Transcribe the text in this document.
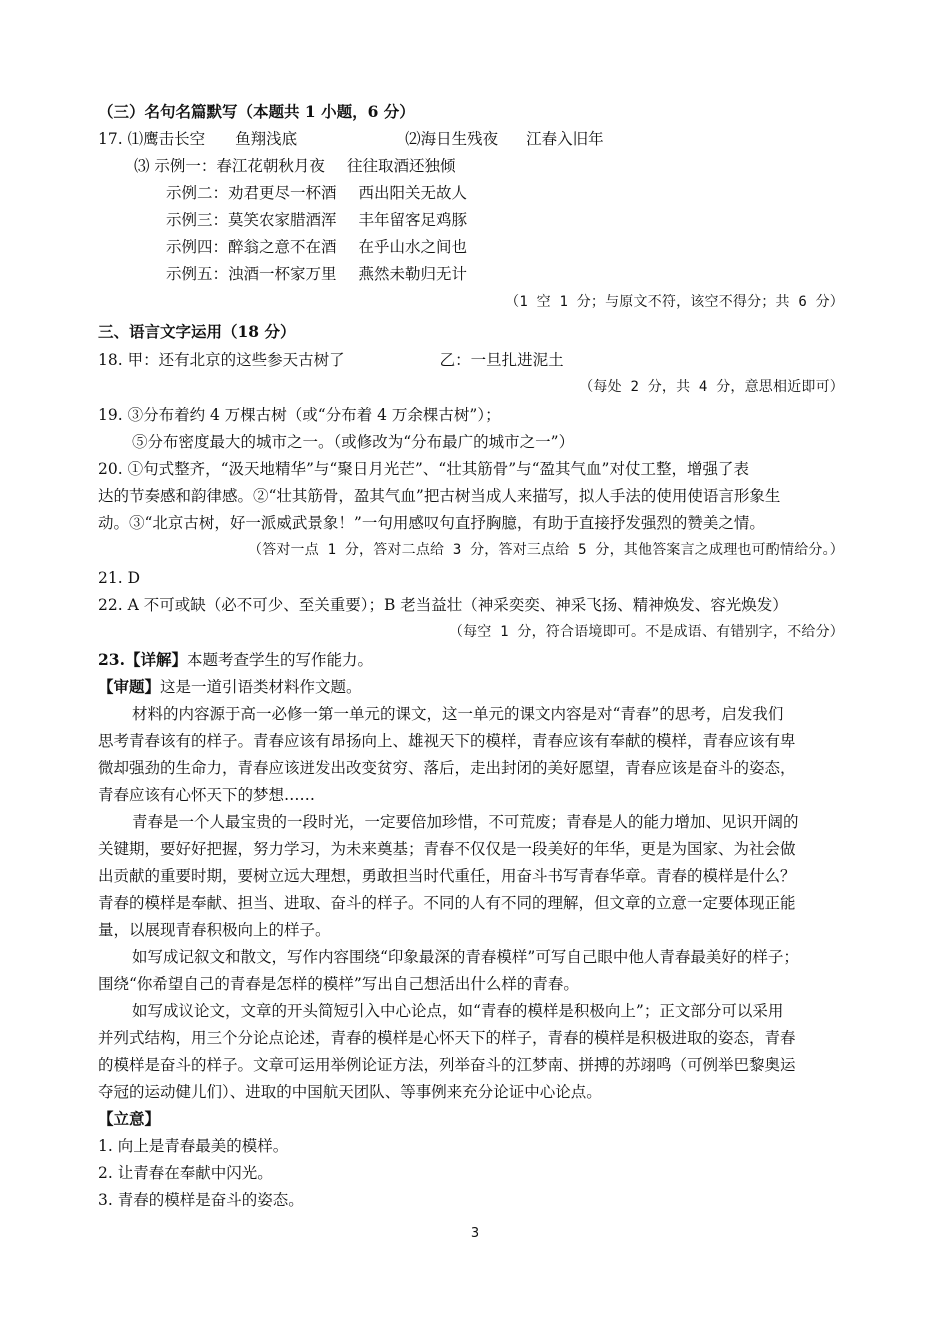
（三）名句名篇默写（本题共 1 小题，6 分）
17. ⑴鹰击长空 鱼翔浅底	⑵海日生残夜 江春入旧年
⑶ 示例一：春江花朝秋月夜 往往取酒还独倾
示例二：劝君更尽一杯酒 西出阳关无故人
示例三：莫笑农家腊酒浑 丰年留客足鸡豚
示例四：醉翁之意不在酒 在乎山水之间也
示例五：浊酒一杯家万里 燕然未勒归无计
（1 空 1 分；与原文不符，该空不得分；共 6 分）
三、语言文字运用（18 分）
18. 甲：还有北京的这些参天古树了	乙：一旦扎进泥土
（每处 2 分，共 4 分，意思相近即可）
19. ③分布着约 4 万棵古树（或“分布着 4 万余棵古树”）；
⑤分布密度最大的城市之一。（或修改为“分布最广的城市之一”）
20. ①句式整齐，“汲天地精华”与“聚日月光芒”、“壮其筋骨”与“盈其气血”对仗工整，增强了表
达的节奏感和韵律感。②“壮其筋骨，盈其气血”把古树当成人来描写，拟人手法的使用使语言形象生
动。③“北京古树，好一派威武景象！”一句用感叹句直抒胸臆，有助于直接抒发强烈的赞美之情。
（答对一点 1 分，答对二点给 3 分，答对三点给 5 分，其他答案言之成理也可酌情给分。）
21. D
22. A 不可或缺（必不可少、至关重要）；B 老当益壮（神采奕奕、神采飞扬、精神焕发、容光焕发）
（每空 1 分，符合语境即可。不是成语、有错别字，不给分）
23.【详解】本题考查学生的写作能力。
【审题】这是一道引语类材料作文题。
材料的内容源于高一必修一第一单元的课文，这一单元的课文内容是对“青春”的思考，启发我们
思考青春该有的样子。青春应该有昂扬向上、雄视天下的模样，青春应该有奉献的模样，青春应该有卑
微却强劲的生命力，青春应该迸发出改变贫穷、落后，走出封闭的美好愿望，青春应该是奋斗的姿态，
青春应该有心怀天下的梦想……
青春是一个人最宝贵的一段时光，一定要倍加珍惜，不可荒废；青春是人的能力增加、见识开阔的
关键期，要好好把握，努力学习，为未来奠基；青春不仅仅是一段美好的年华，更是为国家、为社会做
出贡献的重要时期，要树立远大理想，勇敢担当时代重任，用奋斗书写青春华章。青春的模样是什么？
青春的模样是奉献、担当、进取、奋斗的样子。不同的人有不同的理解，但文章的立意一定要体现正能
量，以展现青春积极向上的样子。
如写成记叙文和散文，写作内容围绕“印象最深的青春模样”可写自己眼中他人青春最美好的样子；
围绕“你希望自己的青春是怎样的模样”写出自己想活出什么样的青春。
如写成议论文，文章的开头简短引入中心论点，如“青春的模样是积极向上”；正文部分可以采用
并列式结构，用三个分论点论述，青春的模样是心怀天下的样子，青春的模样是积极进取的姿态，青春
的模样是奋斗的样子。文章可运用举例论证方法，列举奋斗的江梦南、拼搏的苏翊鸣（可例举巴黎奥运
夺冠的运动健儿们）、进取的中国航天团队、等事例来充分论证中心论点。
【立意】
1. 向上是青春最美的模样。
2. 让青春在奉献中闪光。
3. 青春的模样是奋斗的姿态。
3
